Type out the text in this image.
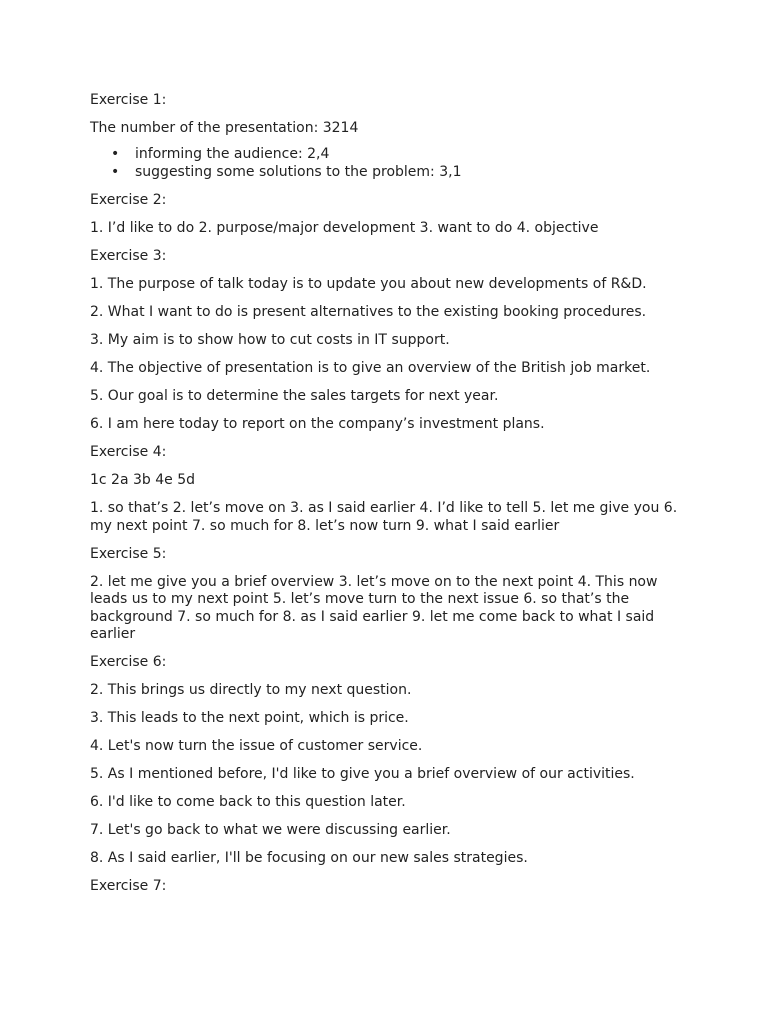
Exercise 1:

The number of the presentation: 3214

• informing the audience: 2,4
• suggesting some solutions to the problem: 3,1

Exercise 2:

1. I’d like to do 2. purpose/major development 3. want to do 4. objective

Exercise 3:

1. The purpose of talk today is to update you about new developments of R&D.

2. What I want to do is present alternatives to the existing booking procedures.

3. My aim is to show how to cut costs in IT support.

4. The objective of presentation is to give an overview of the British job market.

5. Our goal is to determine the sales targets for next year.

6. I am here today to report on the company’s investment plans.

Exercise 4:

1c 2a 3b 4e 5d

1. so that’s 2. let’s move on 3. as I said earlier 4. I’d like to tell 5. let me give you 6. my next point 7. so much for 8. let’s now turn 9. what I said earlier

Exercise 5:

2. let me give you a brief overview 3. let’s move on to the next point 4. This now leads us to my next point 5. let’s move turn to the next issue 6. so that’s the background 7. so much for 8. as I said earlier 9. let me come back to what I said earlier

Exercise 6:

2. This brings us directly to my next question.

3. This leads to the next point, which is price.

4. Let's now turn the issue of customer service.

5. As I mentioned before, I'd like to give you a brief overview of our activities.

6. I'd like to come back to this question later.

7. Let's go back to what we were discussing earlier.

8. As I said earlier, I'll be focusing on our new sales strategies.

Exercise 7:
